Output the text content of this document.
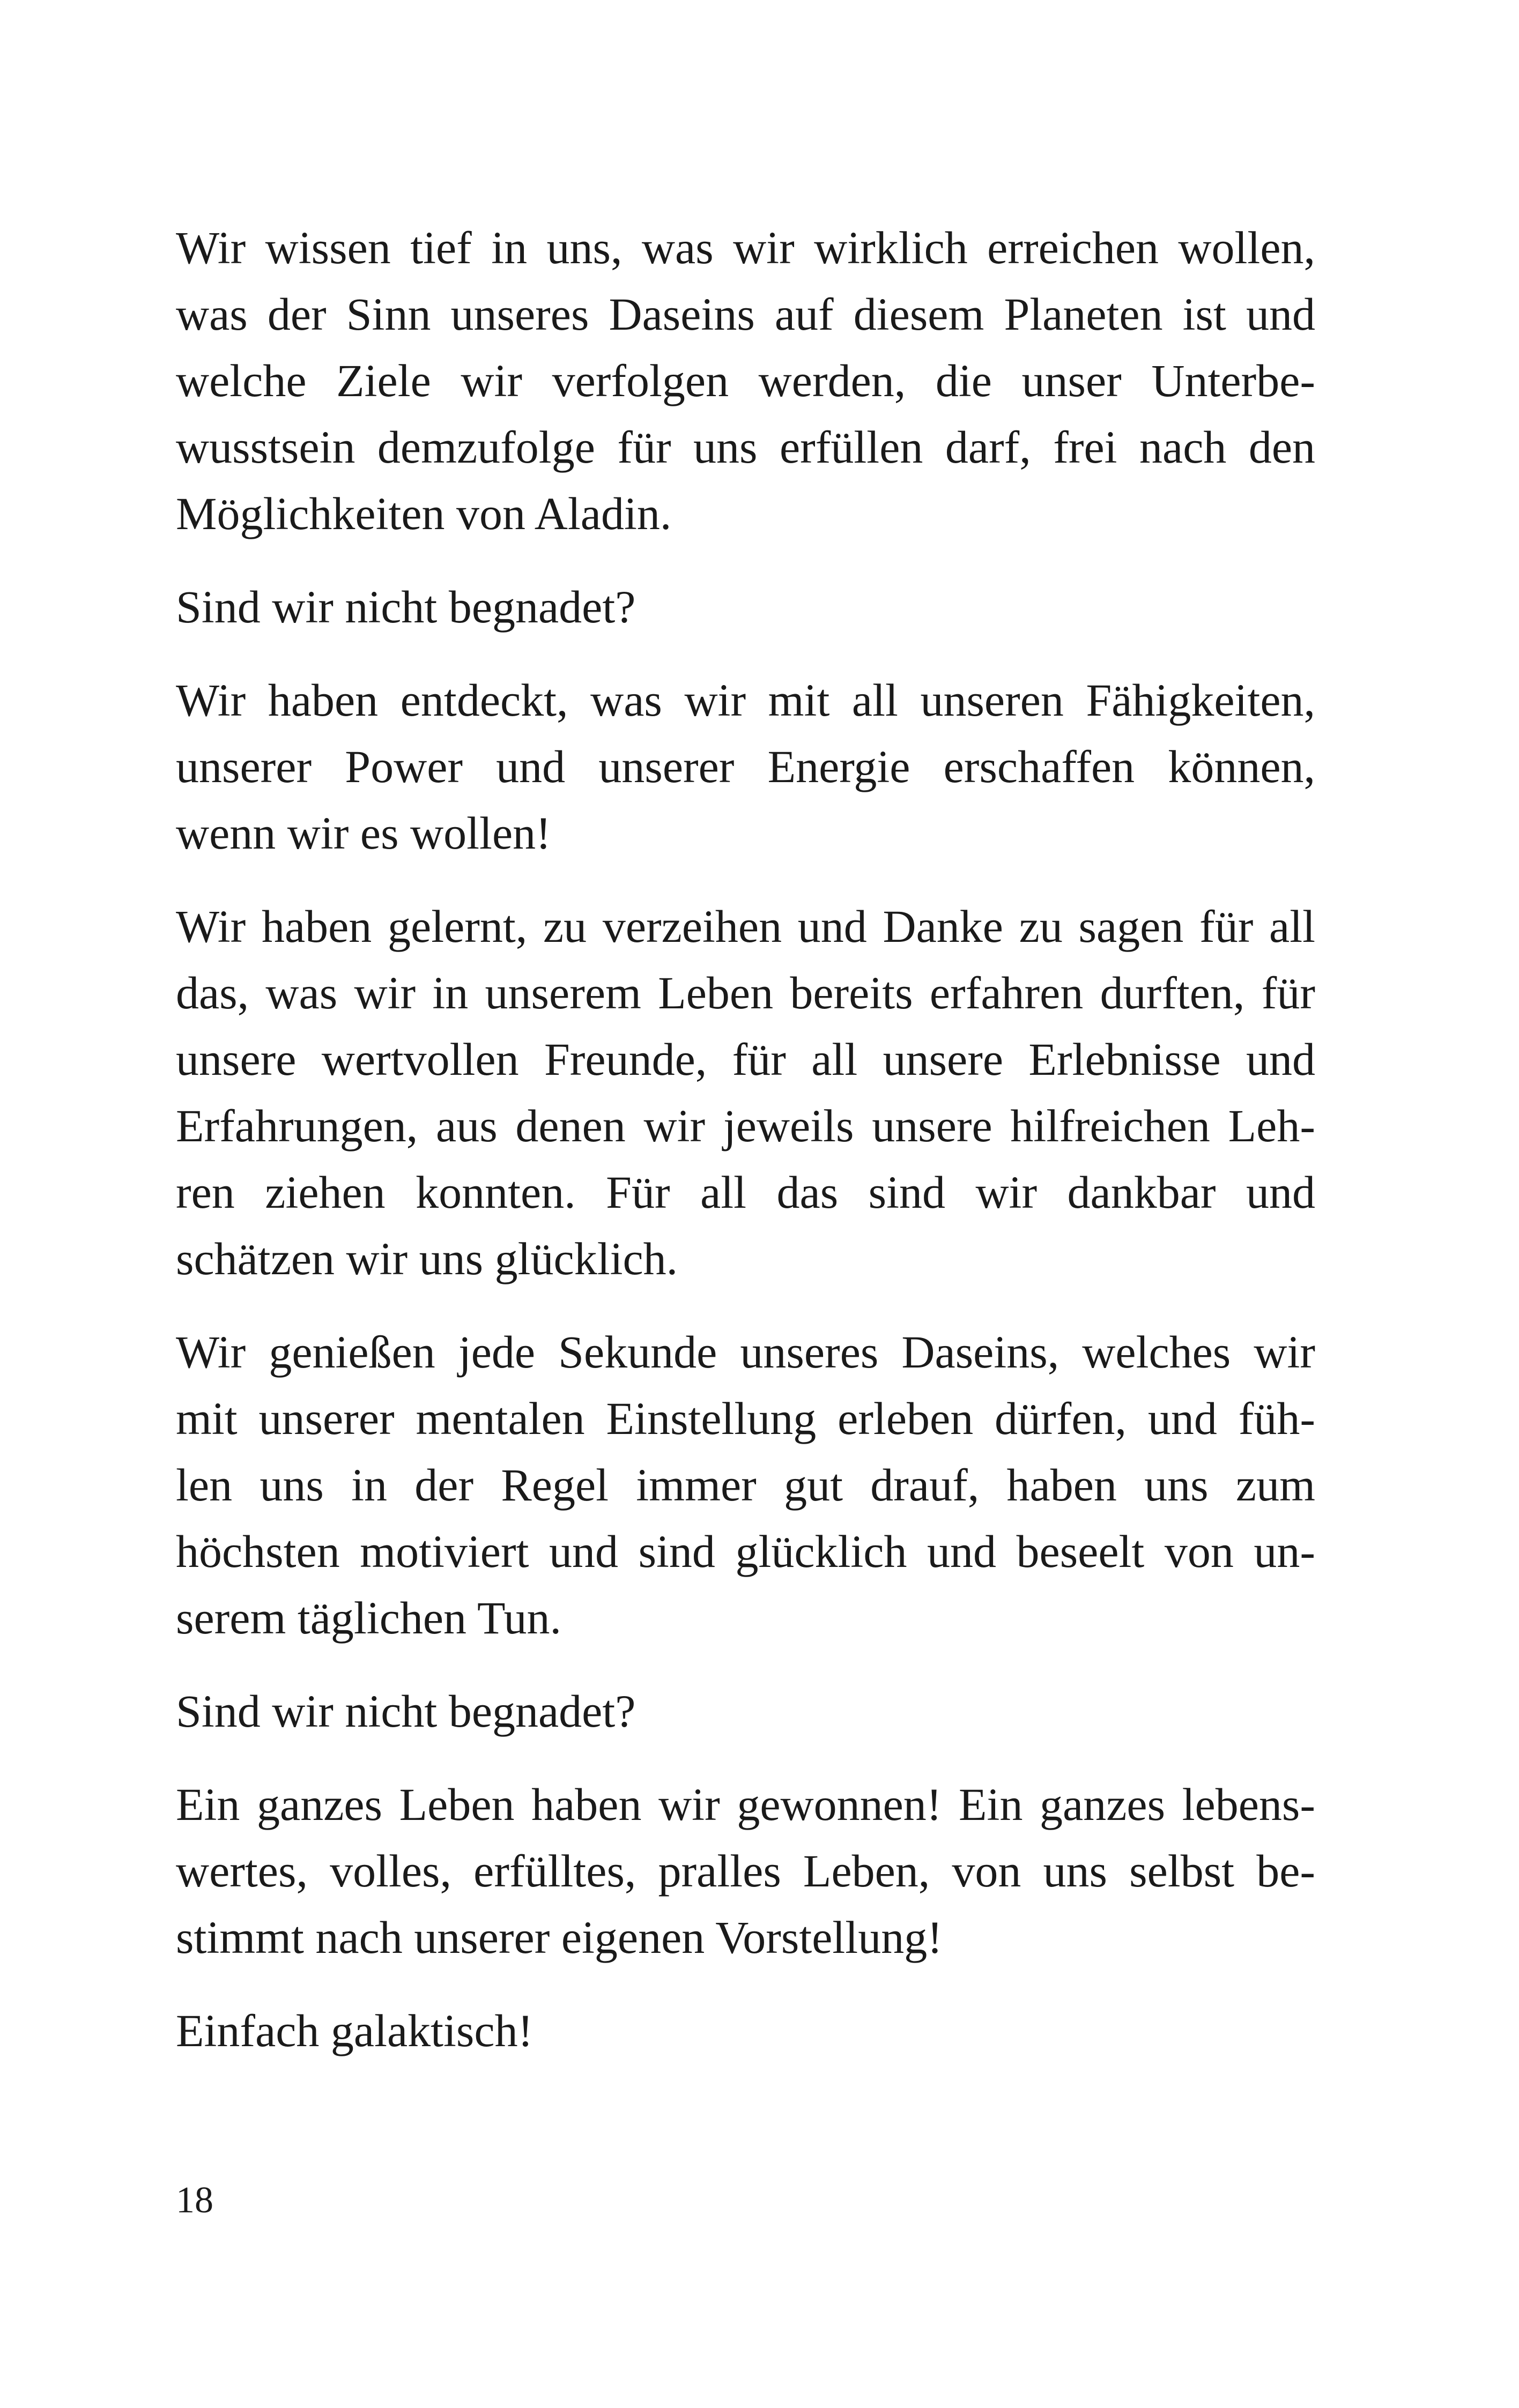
Wir wissen tief in uns, was wir wirklich erreichen wollen,
was der Sinn unseres Daseins auf diesem Planeten ist und
welche Ziele wir verfolgen werden, die unser Unterbe-
wusstsein demzufolge für uns erfüllen darf, frei nach den
Möglichkeiten von Aladin.
Sind wir nicht begnadet?
Wir haben entdeckt, was wir mit all unseren Fähigkeiten,
unserer Power und unserer Energie erschaffen können,
wenn wir es wollen!
Wir haben gelernt, zu verzeihen und Danke zu sagen für all
das, was wir in unserem Leben bereits erfahren durften, für
unsere wertvollen Freunde, für all unsere Erlebnisse und
Erfahrungen, aus denen wir jeweils unsere hilfreichen Leh-
ren ziehen konnten. Für all das sind wir dankbar und
schätzen wir uns glücklich.
Wir genießen jede Sekunde unseres Daseins, welches wir
mit unserer mentalen Einstellung erleben dürfen, und füh-
len uns in der Regel immer gut drauf, haben uns zum
höchsten motiviert und sind glücklich und beseelt von un-
serem täglichen Tun.
Sind wir nicht begnadet?
Ein ganzes Leben haben wir gewonnen! Ein ganzes lebens-
wertes, volles, erfülltes, pralles Leben, von uns selbst be-
stimmt nach unserer eigenen Vorstellung!
Einfach galaktisch!
18
